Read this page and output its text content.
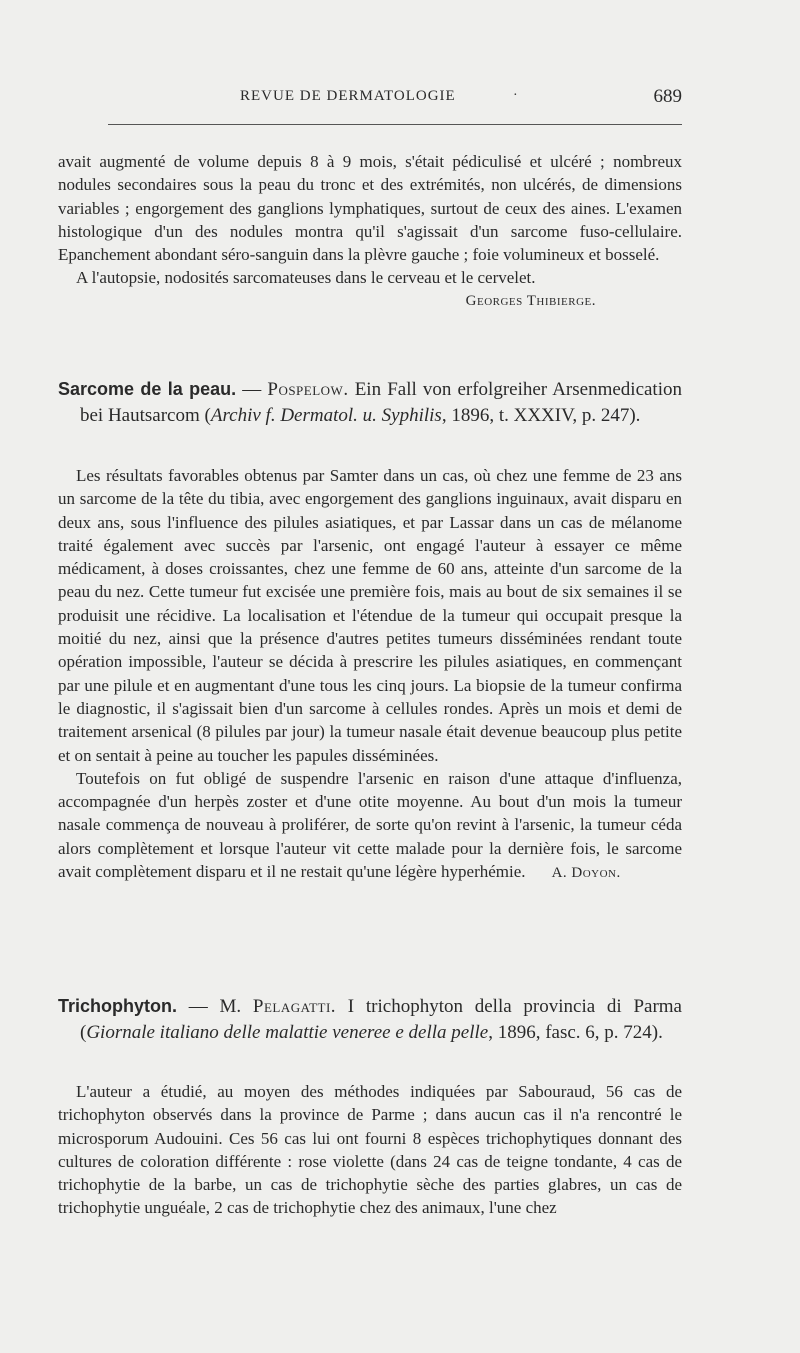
REVUE DE DERMATOLOGIE	·	689

avait augmenté de volume depuis 8 à 9 mois, s'était pédiculisé et ulcéré ; nombreux nodules secondaires sous la peau du tronc et des extrémités, non ulcérés, de dimensions variables ; engorgement des ganglions lymphatiques, surtout de ceux des aines. L'examen histologique d'un des nodules montra qu'il s'agissait d'un sarcome fuso-cellulaire. Epanchement abondant séro-sanguin dans la plèvre gauche ; foie volumineux et bosselé.

A l'autopsie, nodosités sarcomateuses dans le cerveau et le cervelet.

Georges Thibierge.

Sarcome de la peau. — Pospelow. Ein Fall von erfolgreiher Arsenmedication bei Hautsarcom (Archiv f. Dermatol. u. Syphilis, 1896, t. XXXIV, p. 247).

Les résultats favorables obtenus par Samter dans un cas, où chez une femme de 23 ans un sarcome de la tête du tibia, avec engorgement des ganglions inguinaux, avait disparu en deux ans, sous l'influence des pilules asiatiques, et par Lassar dans un cas de mélanome traité également avec succès par l'arsenic, ont engagé l'auteur à essayer ce même médicament, à doses croissantes, chez une femme de 60 ans, atteinte d'un sarcome de la peau du nez. Cette tumeur fut excisée une première fois, mais au bout de six semaines il se produisit une récidive. La localisation et l'étendue de la tumeur qui occupait presque la moitié du nez, ainsi que la présence d'autres petites tumeurs disséminées rendant toute opération impossible, l'auteur se décida à prescrire les pilules asiatiques, en commençant par une pilule et en augmentant d'une tous les cinq jours. La biopsie de la tumeur confirma le diagnostic, il s'agissait bien d'un sarcome à cellules rondes. Après un mois et demi de traitement arsenical (8 pilules par jour) la tumeur nasale était devenue beaucoup plus petite et on sentait à peine au toucher les papules disséminées.

Toutefois on fut obligé de suspendre l'arsenic en raison d'une attaque d'influenza, accompagnée d'un herpès zoster et d'une otite moyenne. Au bout d'un mois la tumeur nasale commença de nouveau à proliférer, de sorte qu'on revint à l'arsenic, la tumeur céda alors complètement et lorsque l'auteur vit cette malade pour la dernière fois, le sarcome avait complètement disparu et il ne restait qu'une légère hyperhémie. A. Doyon.

Trichophyton. — M. Pelagatti. I trichophyton della provincia di Parma (Giornale italiano delle malattie veneree e della pelle, 1896, fasc. 6, p. 724).

L'auteur a étudié, au moyen des méthodes indiquées par Sabouraud, 56 cas de trichophyton observés dans la province de Parme ; dans aucun cas il n'a rencontré le microsporum Audouini. Ces 56 cas lui ont fourni 8 espèces trichophytiques donnant des cultures de coloration différente : rose violette (dans 24 cas de teigne tondante, 4 cas de trichophytie de la barbe, un cas de trichophytie sèche des parties glabres, un cas de trichophytie unguéale, 2 cas de trichophytie chez des animaux, l'une chez
